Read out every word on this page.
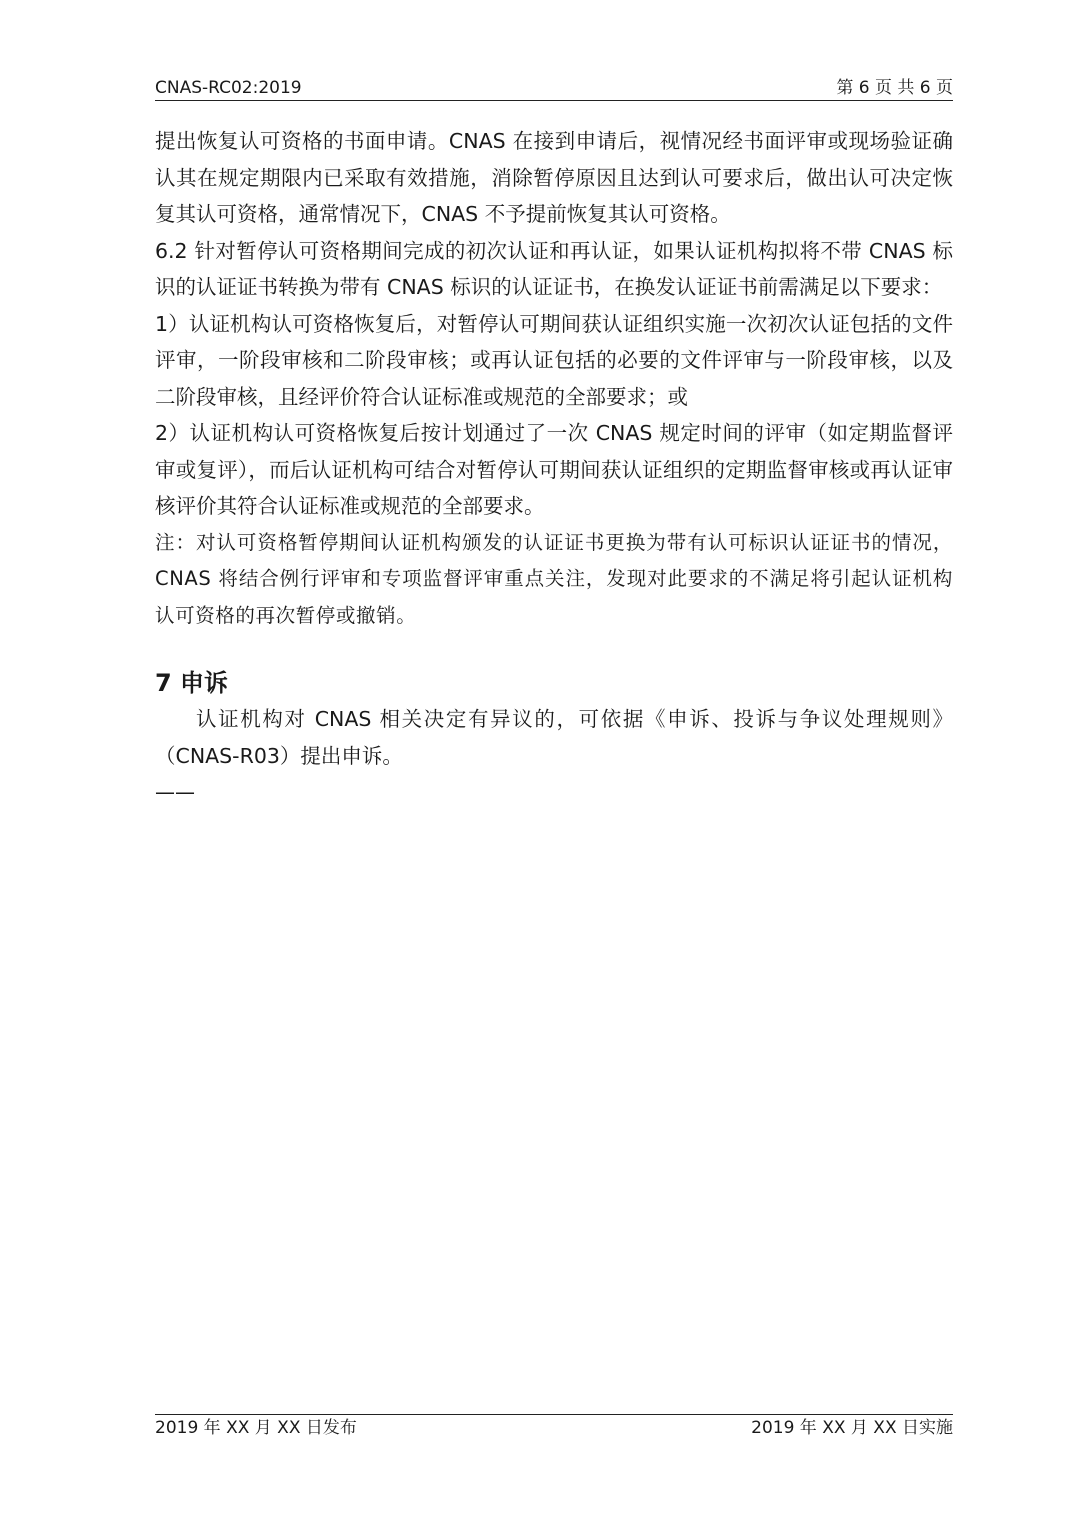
CNAS-RC02:2019	第 6 页 共 6 页

提出恢复认可资格的书面申请。CNAS 在接到申请后，视情况经书面评审或现场验证确认其在规定期限内已采取有效措施，消除暂停原因且达到认可要求后，做出认可决定恢复其认可资格，通常情况下，CNAS 不予提前恢复其认可资格。

6.2 针对暂停认可资格期间完成的初次认证和再认证，如果认证机构拟将不带 CNAS 标识的认证证书转换为带有 CNAS 标识的认证证书，在换发认证证书前需满足以下要求：

1）认证机构认可资格恢复后，对暂停认可期间获认证组织实施一次初次认证包括的文件评审，一阶段审核和二阶段审核；或再认证包括的必要的文件评审与一阶段审核，以及二阶段审核，且经评价符合认证标准或规范的全部要求；或

2）认证机构认可资格恢复后按计划通过了一次 CNAS 规定时间的评审（如定期监督评审或复评），而后认证机构可结合对暂停认可期间获认证组织的定期监督审核或再认证审核评价其符合认证标准或规范的全部要求。

注：对认可资格暂停期间认证机构颁发的认证证书更换为带有认可标识认证证书的情况，CNAS 将结合例行评审和专项监督评审重点关注，发现对此要求的不满足将引起认证机构认可资格的再次暂停或撤销。

7 申诉

认证机构对 CNAS 相关决定有异议的，可依据《申诉、投诉与争议处理规则》（CNAS-R03）提出申诉。

——
2019 年 XX 月 XX 日发布	2019 年 XX 月 XX 日实施
